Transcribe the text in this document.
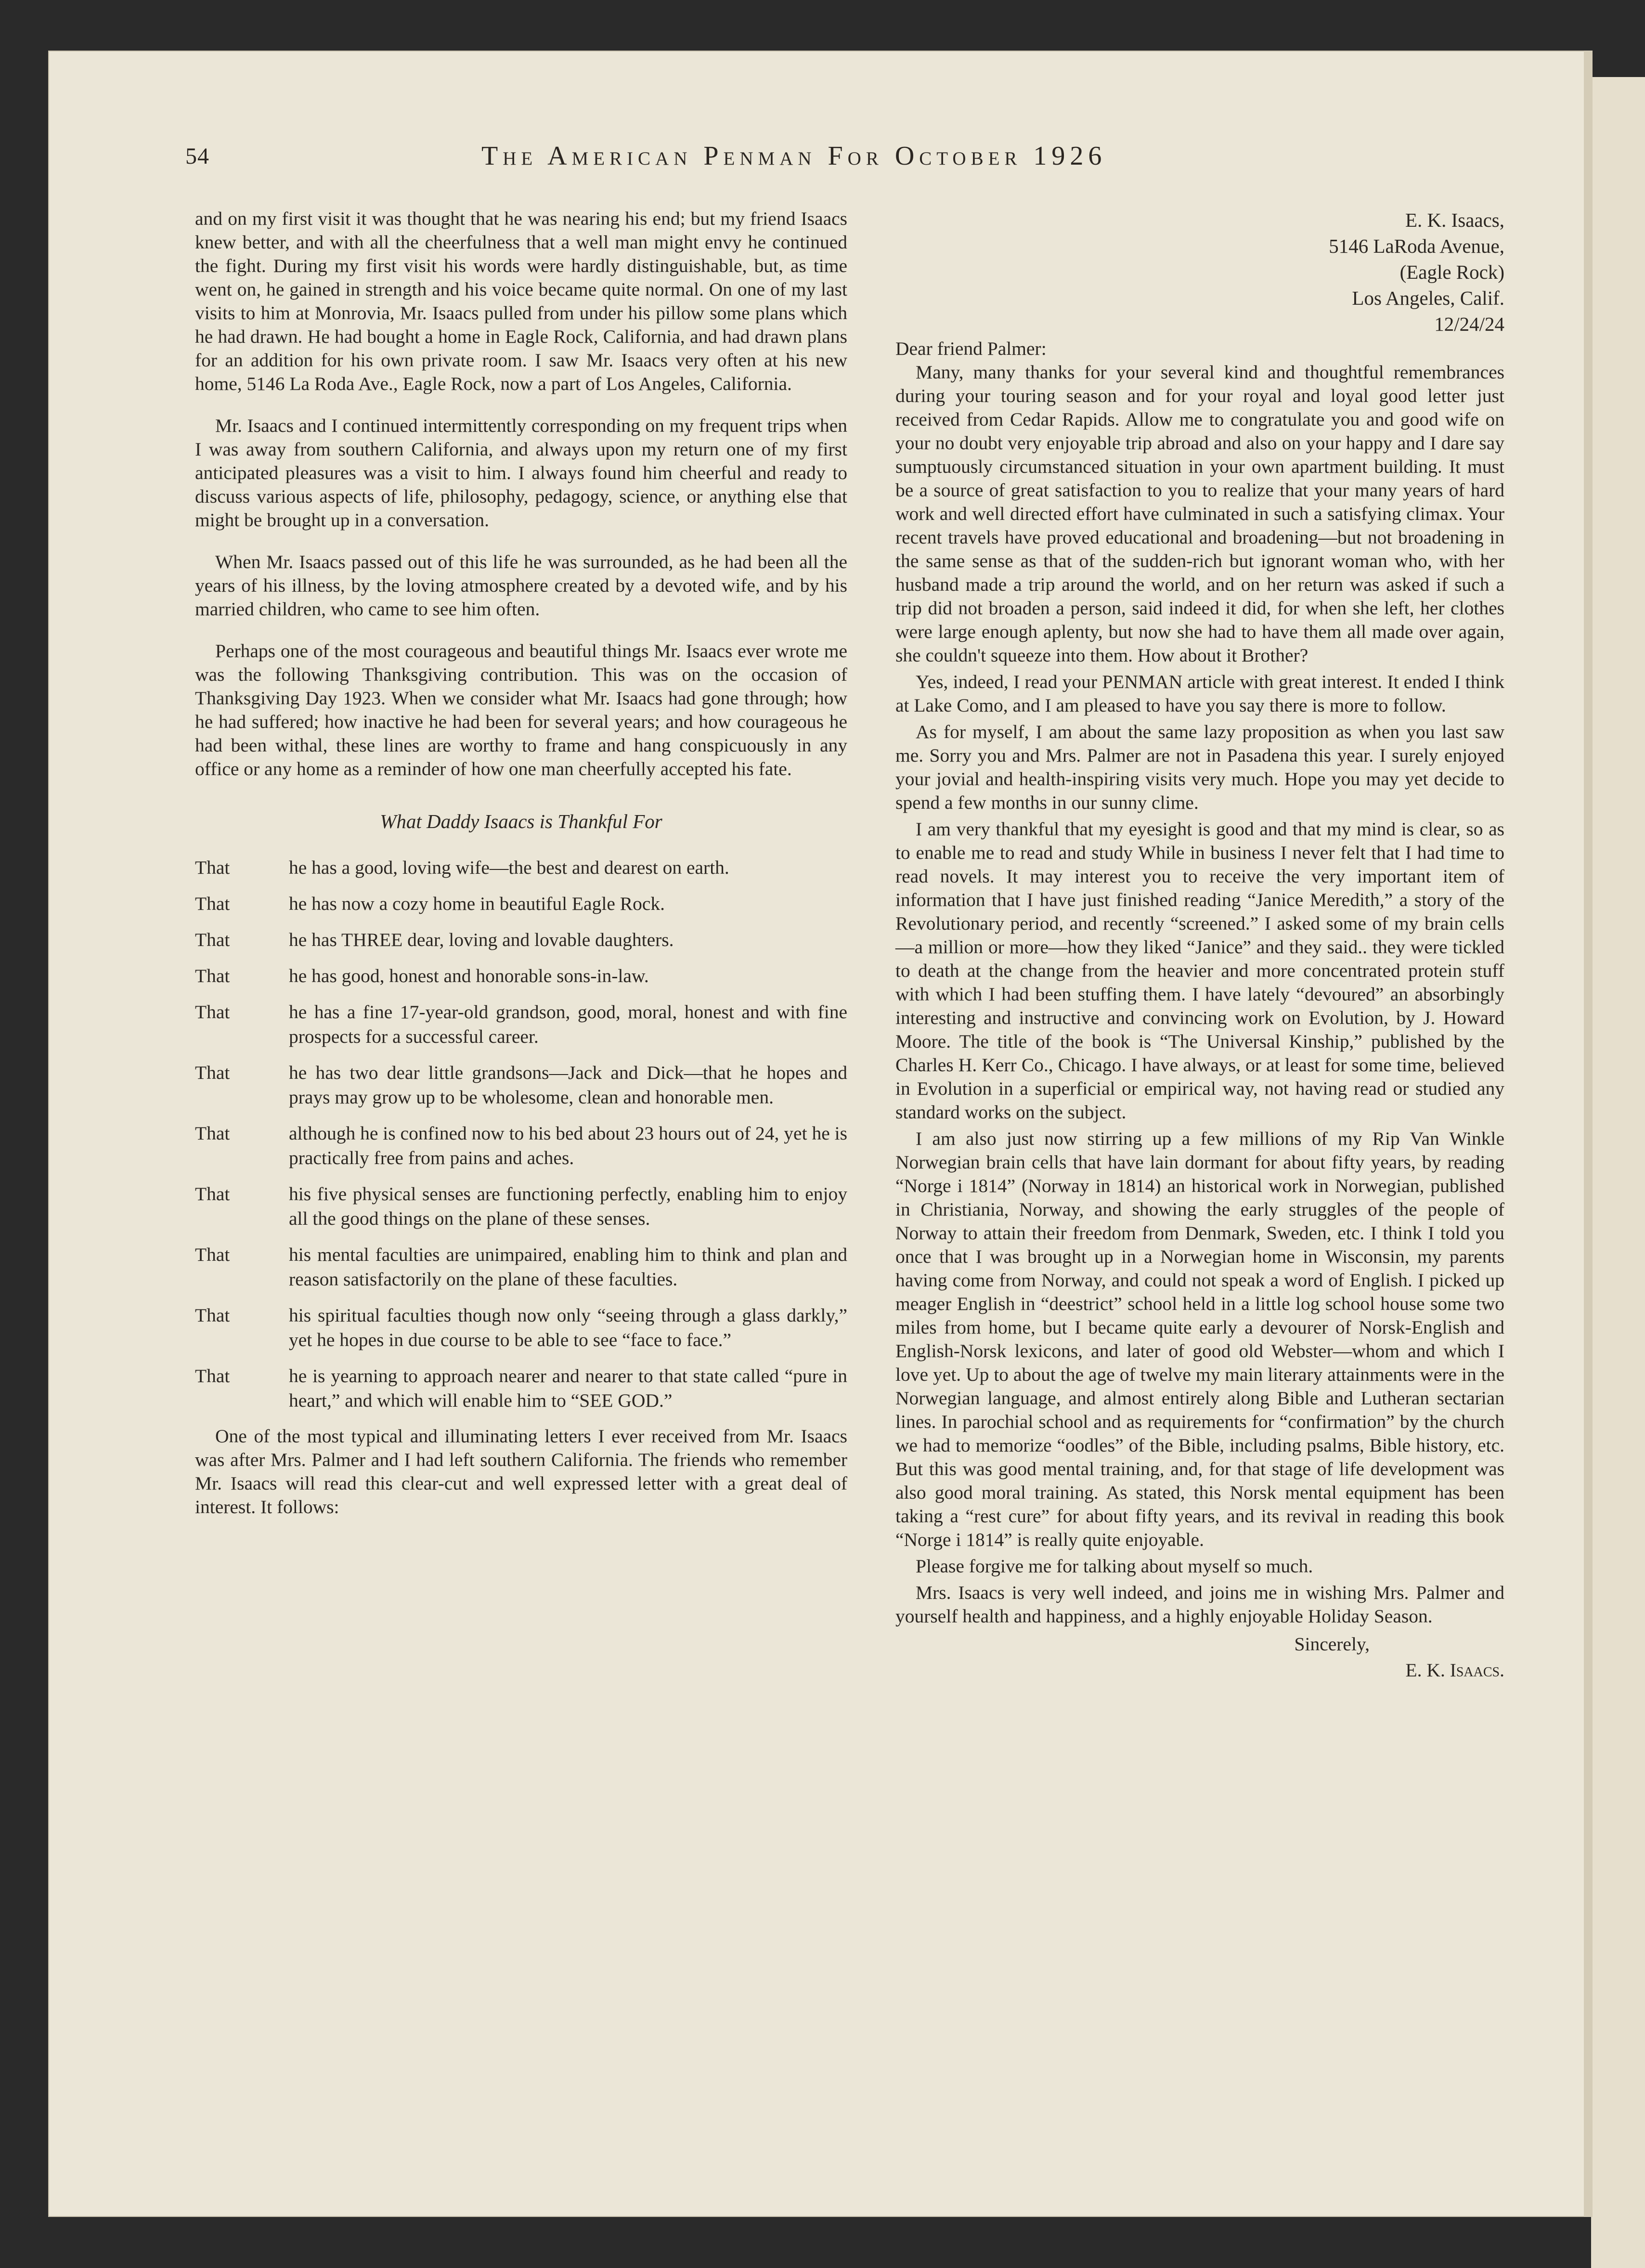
54	The American Penman For October 1926

and on my first visit it was thought that he was nearing his end; but my friend Isaacs knew better, and with all the cheerfulness that a well man might envy he continued the fight. During my first visit his words were hardly distinguishable, but, as time went on, he gained in strength and his voice became quite normal. On one of my last visits to him at Monrovia, Mr. Isaacs pulled from under his pillow some plans which he had drawn. He had bought a home in Eagle Rock, California, and had drawn plans for an addition for his own private room. I saw Mr. Isaacs very often at his new home, 5146 La Roda Ave., Eagle Rock, now a part of Los Angeles, California.

Mr. Isaacs and I continued intermittently corresponding on my frequent trips when I was away from southern California, and always upon my return one of my first anticipated pleasures was a visit to him. I always found him cheerful and ready to discuss various aspects of life, philosophy, pedagogy, science, or anything else that might be brought up in a conversation.

When Mr. Isaacs passed out of this life he was surrounded, as he had been all the years of his illness, by the loving atmosphere created by a devoted wife, and by his married children, who came to see him often.

Perhaps one of the most courageous and beautiful things Mr. Isaacs ever wrote me was the following Thanksgiving contribution. This was on the occasion of Thanksgiving Day 1923. When we consider what Mr. Isaacs had gone through; how he had suffered; how inactive he had been for several years; and how courageous he had been withal, these lines are worthy to frame and hang conspicuously in any office or any home as a reminder of how one man cheerfully accepted his fate.

What Daddy Isaacs is Thankful For
That	he has a good, loving wife—the best and dearest on earth.
That	he has now a cozy home in beautiful Eagle Rock.
That	he has THREE dear, loving and lovable daughters.
That	he has good, honest and honorable sons-in-law.
That	he has a fine 17-year-old grandson, good, moral, honest and with fine prospects for a successful career.
That	he has two dear little grandsons—Jack and Dick—that he hopes and prays may grow up to be wholesome, clean and honorable men.
That	although he is confined now to his bed about 23 hours out of 24, yet he is practically free from pains and aches.
That	his five physical senses are functioning perfectly, enabling him to enjoy all the good things on the plane of these senses.
That	his mental faculties are unimpaired, enabling him to think and plan and reason satisfactorily on the plane of these faculties.
That	his spiritual faculties though now only “seeing through a glass darkly,” yet he hopes in due course to be able to see “face to face.”
That	he is yearning to approach nearer and nearer to that state called “pure in heart,” and which will enable him to “SEE GOD.”

One of the most typical and illuminating letters I ever received from Mr. Isaacs was after Mrs. Palmer and I had left southern California. The friends who remember Mr. Isaacs will read this clear-cut and well expressed letter with a great deal of interest. It follows:

E. K. Isaacs,
5146 LaRoda Avenue,
(Eagle Rock)
Los Angeles, Calif.
12/24/24

Dear friend Palmer:

Many, many thanks for your several kind and thoughtful remembrances during your touring season and for your royal and loyal good letter just received from Cedar Rapids. Allow me to congratulate you and good wife on your no doubt very enjoyable trip abroad and also on your happy and I dare say sumptuously circumstanced situation in your own apartment building. It must be a source of great satisfaction to you to realize that your many years of hard work and well directed effort have culminated in such a satisfying climax. Your recent travels have proved educational and broadening—but not broadening in the same sense as that of the sudden-rich but ignorant woman who, with her husband made a trip around the world, and on her return was asked if such a trip did not broaden a person, said indeed it did, for when she left, her clothes were large enough aplenty, but now she had to have them all made over again, she couldn't squeeze into them. How about it Brother?

Yes, indeed, I read your PENMAN article with great interest. It ended I think at Lake Como, and I am pleased to have you say there is more to follow.

As for myself, I am about the same lazy proposition as when you last saw me. Sorry you and Mrs. Palmer are not in Pasadena this year. I surely enjoyed your jovial and health-inspiring visits very much. Hope you may yet decide to spend a few months in our sunny clime.

I am very thankful that my eyesight is good and that my mind is clear, so as to enable me to read and study While in business I never felt that I had time to read novels. It may interest you to receive the very important item of information that I have just finished reading “Janice Meredith,” a story of the Revolutionary period, and recently “screened.” I asked some of my brain cells—a million or more—how they liked “Janice” and they said.. they were tickled to death at the change from the heavier and more concentrated protein stuff with which I had been stuffing them. I have lately “devoured” an absorbingly interesting and instructive and convincing work on Evolution, by J. Howard Moore. The title of the book is “The Universal Kinship,” published by the Charles H. Kerr Co., Chicago. I have always, or at least for some time, believed in Evolution in a superficial or empirical way, not having read or studied any standard works on the subject.

I am also just now stirring up a few millions of my Rip Van Winkle Norwegian brain cells that have lain dormant for about fifty years, by reading “Norge i 1814” (Norway in 1814) an historical work in Norwegian, published in Christiania, Norway, and showing the early struggles of the people of Norway to attain their freedom from Denmark, Sweden, etc. I think I told you once that I was brought up in a Norwegian home in Wisconsin, my parents having come from Norway, and could not speak a word of English. I picked up meager English in “deestrict” school held in a little log school house some two miles from home, but I became quite early a devourer of Norsk-English and English-Norsk lexicons, and later of good old Webster—whom and which I love yet. Up to about the age of twelve my main literary attainments were in the Norwegian language, and almost entirely along Bible and Lutheran sectarian lines. In parochial school and as requirements for “confirmation” by the church we had to memorize “oodles” of the Bible, including psalms, Bible history, etc. But this was good mental training, and, for that stage of life development was also good moral training. As stated, this Norsk mental equipment has been taking a “rest cure” for about fifty years, and its revival in reading this book “Norge i 1814” is really quite enjoyable.

Please forgive me for talking about myself so much.

Mrs. Isaacs is very well indeed, and joins me in wishing Mrs. Palmer and yourself health and happiness, and a highly enjoyable Holiday Season.

Sincerely,
E. K. Isaacs.
